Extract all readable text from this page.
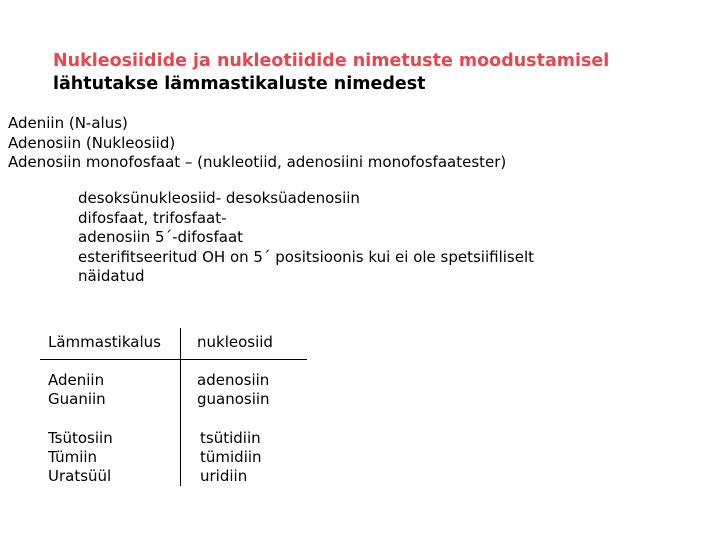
Nukleosiidide ja nukleotiidide nimetuste moodustamisel
lähtutakse lämmastikaluste nimedest
Adeniin (N-alus)
Adenosiin (Nukleosiid)
Adenosiin monofosfaat – (nukleotiid, adenosiini monofosfaatester)
desoksünukleosiid- desoksüadenosiin
difosfaat, trifosfaat-
adenosiin 5´-difosfaat
esterifitseeritud OH on 5´ positsioonis kui ei ole spetsiifiliselt
näidatud
Lämmastikalus nukleosiid
Adeniin	adenosiin
Guaniin	guanosiin
Tsütosiin	tsütidiin
Tümiin	tümidiin
Uratsüül	uridiin
